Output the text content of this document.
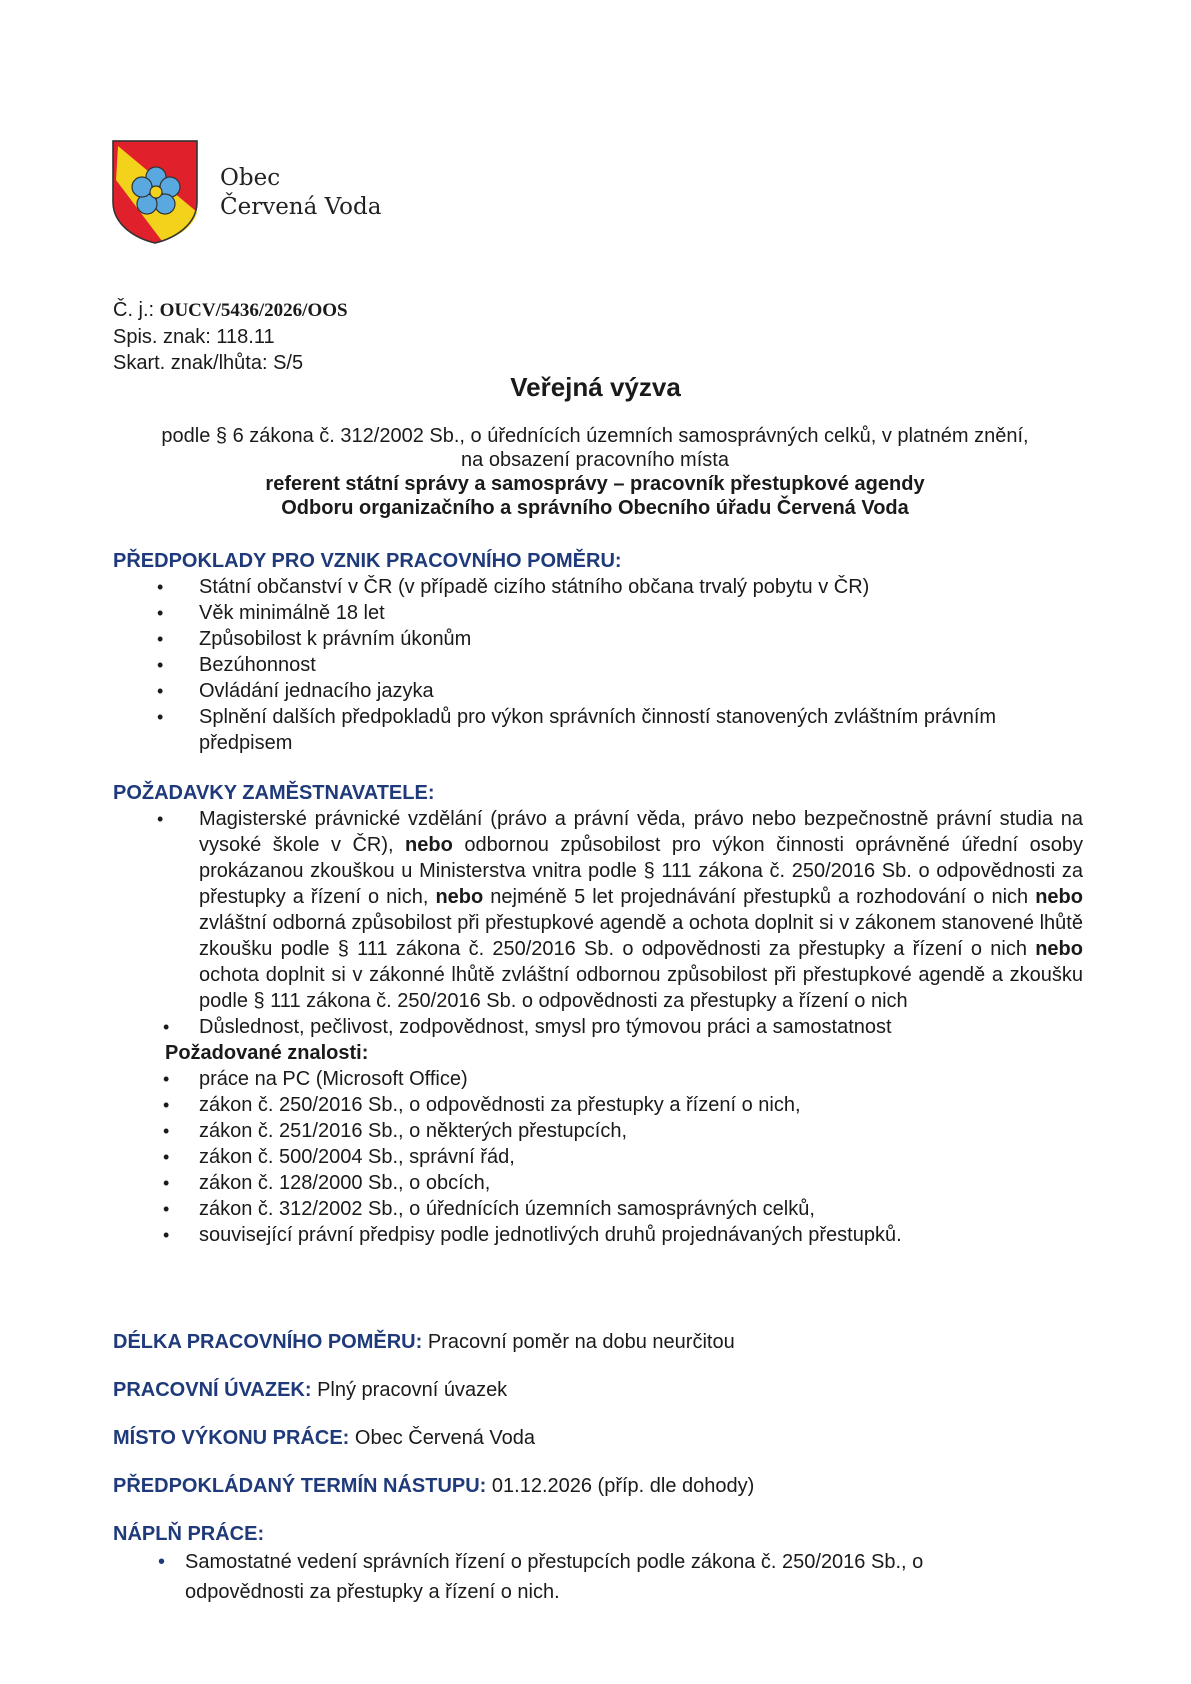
Obec
Červená Voda
Č. j.: OUCV/5436/2026/OOS
Spis. znak: 118.11
Skart. znak/lhůta: S/5
Veřejná výzva
podle § 6 zákona č. 312/2002 Sb., o úřednících územních samosprávných celků, v platném znění,
na obsazení pracovního místa
referent státní správy a samosprávy – pracovník přestupkové agendy
Odboru organizačního a správního Obecního úřadu Červená Voda
PŘEDPOKLADY PRO VZNIK PRACOVNÍHO POMĚRU:
• Státní občanství v ČR (v případě cizího státního občana trvalý pobytu v ČR)
• Věk minimálně 18 let
• Způsobilost k právním úkonům
• Bezúhonnost
• Ovládání jednacího jazyka
• Splnění dalších předpokladů pro výkon správních činností stanovených zvláštním právním předpisem
POŽADAVKY ZAMĚSTNAVATELE:
• Magisterské právnické vzdělání (právo a právní věda, právo nebo bezpečnostně právní studia na vysoké škole v ČR), nebo odbornou způsobilost pro výkon činnosti oprávněné úřední osoby prokázanou zkouškou u Ministerstva vnitra podle § 111 zákona č. 250/2016 Sb. o odpovědnosti za přestupky a řízení o nich, nebo nejméně 5 let projednávání přestupků a rozhodování o nich nebo zvláštní odborná způsobilost při přestupkové agendě a ochota doplnit si v zákonem stanovené lhůtě zkoušku podle § 111 zákona č. 250/2016 Sb. o odpovědnosti za přestupky a řízení o nich nebo ochota doplnit si v zákonné lhůtě zvláštní odbornou způsobilost při přestupkové agendě a zkoušku podle § 111 zákona č. 250/2016 Sb. o odpovědnosti za přestupky a řízení o nich
• Důslednost, pečlivost, zodpovědnost, smysl pro týmovou práci a samostatnost
Požadované znalosti:
• práce na PC (Microsoft Office)
• zákon č. 250/2016 Sb., o odpovědnosti za přestupky a řízení o nich,
• zákon č. 251/2016 Sb., o některých přestupcích,
• zákon č. 500/2004 Sb., správní řád,
• zákon č. 128/2000 Sb., o obcích,
• zákon č. 312/2002 Sb., o úřednících územních samosprávných celků,
• související právní předpisy podle jednotlivých druhů projednávaných přestupků.
DÉLKA PRACOVNÍHO POMĚRU: Pracovní poměr na dobu neurčitou
PRACOVNÍ ÚVAZEK: Plný pracovní úvazek
MÍSTO VÝKONU PRÁCE: Obec Červená Voda
PŘEDPOKLÁDANÝ TERMÍN NÁSTUPU: 01.12.2026 (příp. dle dohody)
NÁPLŇ PRÁCE:
• Samostatné vedení správních řízení o přestupcích podle zákona č. 250/2016 Sb., o odpovědnosti za přestupky a řízení o nich.
